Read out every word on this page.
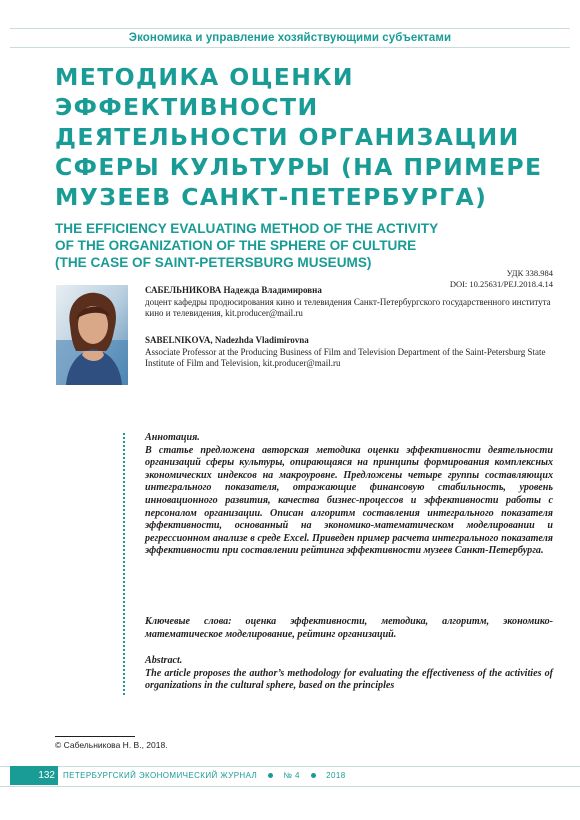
Экономика и управление хозяйствующими субъектами
МЕТОДИКА ОЦЕНКИ ЭФФЕКТИВНОСТИ ДЕЯТЕЛЬНОСТИ ОРГАНИЗАЦИИ СФЕРЫ КУЛЬТУРЫ (НА ПРИМЕРЕ МУЗЕЕВ САНКТ-ПЕТЕРБУРГА)
THE EFFICIENCY EVALUATING METHOD OF THE ACTIVITY
OF THE ORGANIZATION OF THE SPHERE OF CULTURE
(THE CASE OF SAINT-PETERSBURG MUSEUMS)
УДК 338.984
DOI: 10.25631/PEJ.2018.4.14
САБЕЛЬНИКОВА Надежда Владимировна
доцент кафедры продюсирования кино и телевидения Санкт-Петербургского государственного института кино и телевидения, kit.producer@mail.ru
SABELNIKOVA, Nadezhda Vladimirovna
Associate Professor at the Producing Business of Film and Television Department of the Saint-Petersburg State Institute of Film and Television, kit.producer@mail.ru
Аннотация.
В статье предложена авторская методика оценки эффективности деятельности организаций сферы культуры, опирающаяся на принципы формирования комплексных экономических индексов на макроуровне. Предложены четыре группы составляющих интегрального показателя, отражающие финансовую стабильность, уровень инновационного развития, качества бизнес-процессов и эффективности работы с персоналом организации. Описан алгоритм составления интегрального показателя эффективности, основанный на экономико-математическом моделировании и регрессионном анализе в среде Excel. Приведен пример расчета интегрального показателя эффективности при составлении рейтинга эффективности музеев Санкт-Петербурга.
Ключевые слова: оценка эффективности, методика, алгоритм, экономико-математическое моделирование, рейтинг организаций.
Abstract.
The article proposes the author’s methodology for evaluating the effectiveness of the activities of organizations in the cultural sphere, based on the principles
© Сабельникова Н. В., 2018.
132	ПЕТЕРБУРГСКИЙ ЭКОНОМИЧЕСКИЙ ЖУРНАЛ	№ 4	2018
